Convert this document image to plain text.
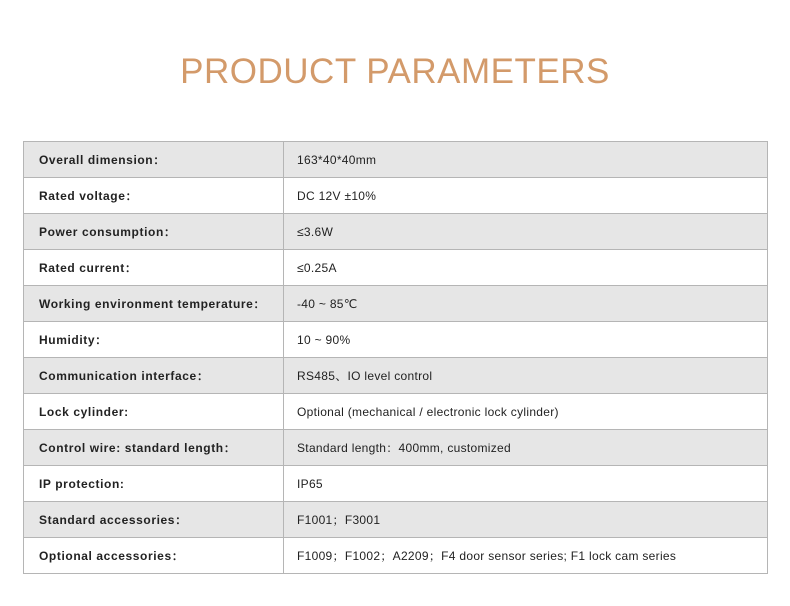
PRODUCT PARAMETERS
Overall dimension：	163*40*40mm
Rated voltage：	DC 12V ±10%
Power consumption：	≤3.6W
Rated current：	≤0.25A
Working environment temperature：	-40 ~ 85℃
Humidity：	10 ~ 90%
Communication interface：	RS485、IO level control
Lock cylinder:	Optional (mechanical / electronic lock cylinder)
Control wire: standard length：	Standard length：400mm, customized
IP protection:	IP65
Standard accessories：	F1001；F3001
Optional accessories：	F1009；F1002；A2209；F4 door sensor series; F1 lock cam series
